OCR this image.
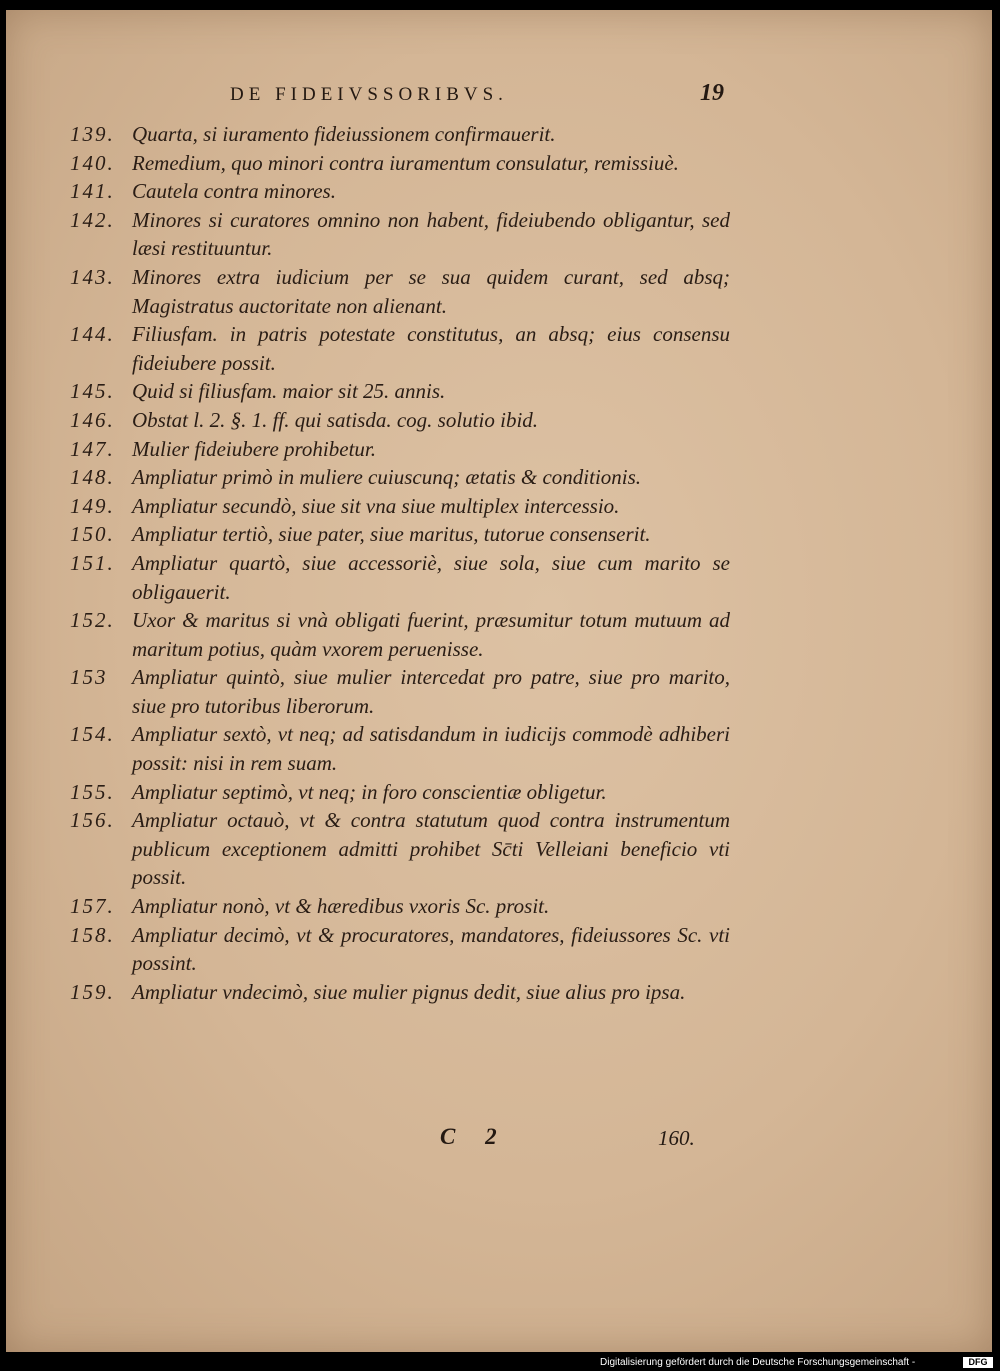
DE FIDEIVSSORIBVS.	19
139. Quarta, si iuramento fideiussionem confirmauerit.
140. Remedium, quo minori contra iuramentum consulatur, remissiuè.
141. Cautela contra minores.
142. Minores si curatores omnino non habent, fideiubendo obligantur, sed læsi restituuntur.
143. Minores extra iudicium per se sua quidem curant, sed absq; Magistratus auctoritate non alienant.
144. Filiusfam. in patris potestate constitutus, an absq; eius consensu fideiubere possit.
145. Quid si filiusfam. maior sit 25. annis.
146. Obstat l. 2. §. 1. ff. qui satisda. cog. solutio ibid.
147. Mulier fideiubere prohibetur.
148. Ampliatur primò in muliere cuiuscunq; ætatis & conditionis.
149. Ampliatur secundò, siue sit vna siue multiplex intercessio.
150. Ampliatur tertiò, siue pater, siue maritus, tutorue consenserit.
151. Ampliatur quartò, siue accessoriè, siue sola, siue cum marito se obligauerit.
152. Uxor & maritus si vnà obligati fuerint, præsumitur totum mutuum ad maritum potius, quàm vxorem peruenisse.
153	Ampliatur quintò, siue mulier intercedat pro patre, siue pro marito, siue pro tutoribus liberorum.
154. Ampliatur sextò, vt neq; ad satisdandum in iudicijs commodè adhiberi possit: nisi in rem suam.
155. Ampliatur septimò, vt neq; in foro conscientiæ obligetur.
156. Ampliatur octauò, vt & contra statutum quod contra instrumentum publicum exceptionem admitti prohibet Sc̄ti Velleiani beneficio vti possit.
157. Ampliatur nonò, vt & hæredibus vxoris Sc. prosit.
158. Ampliatur decimò, vt & procuratores, mandatores, fideiussores Sc. vti possint.
159. Ampliatur vndecimò, siue mulier pignus dedit, siue alius pro ipsa.
C 2	160.
Digitalisierung gefördert durch die Deutsche Forschungsgemeinschaft -	DFG
